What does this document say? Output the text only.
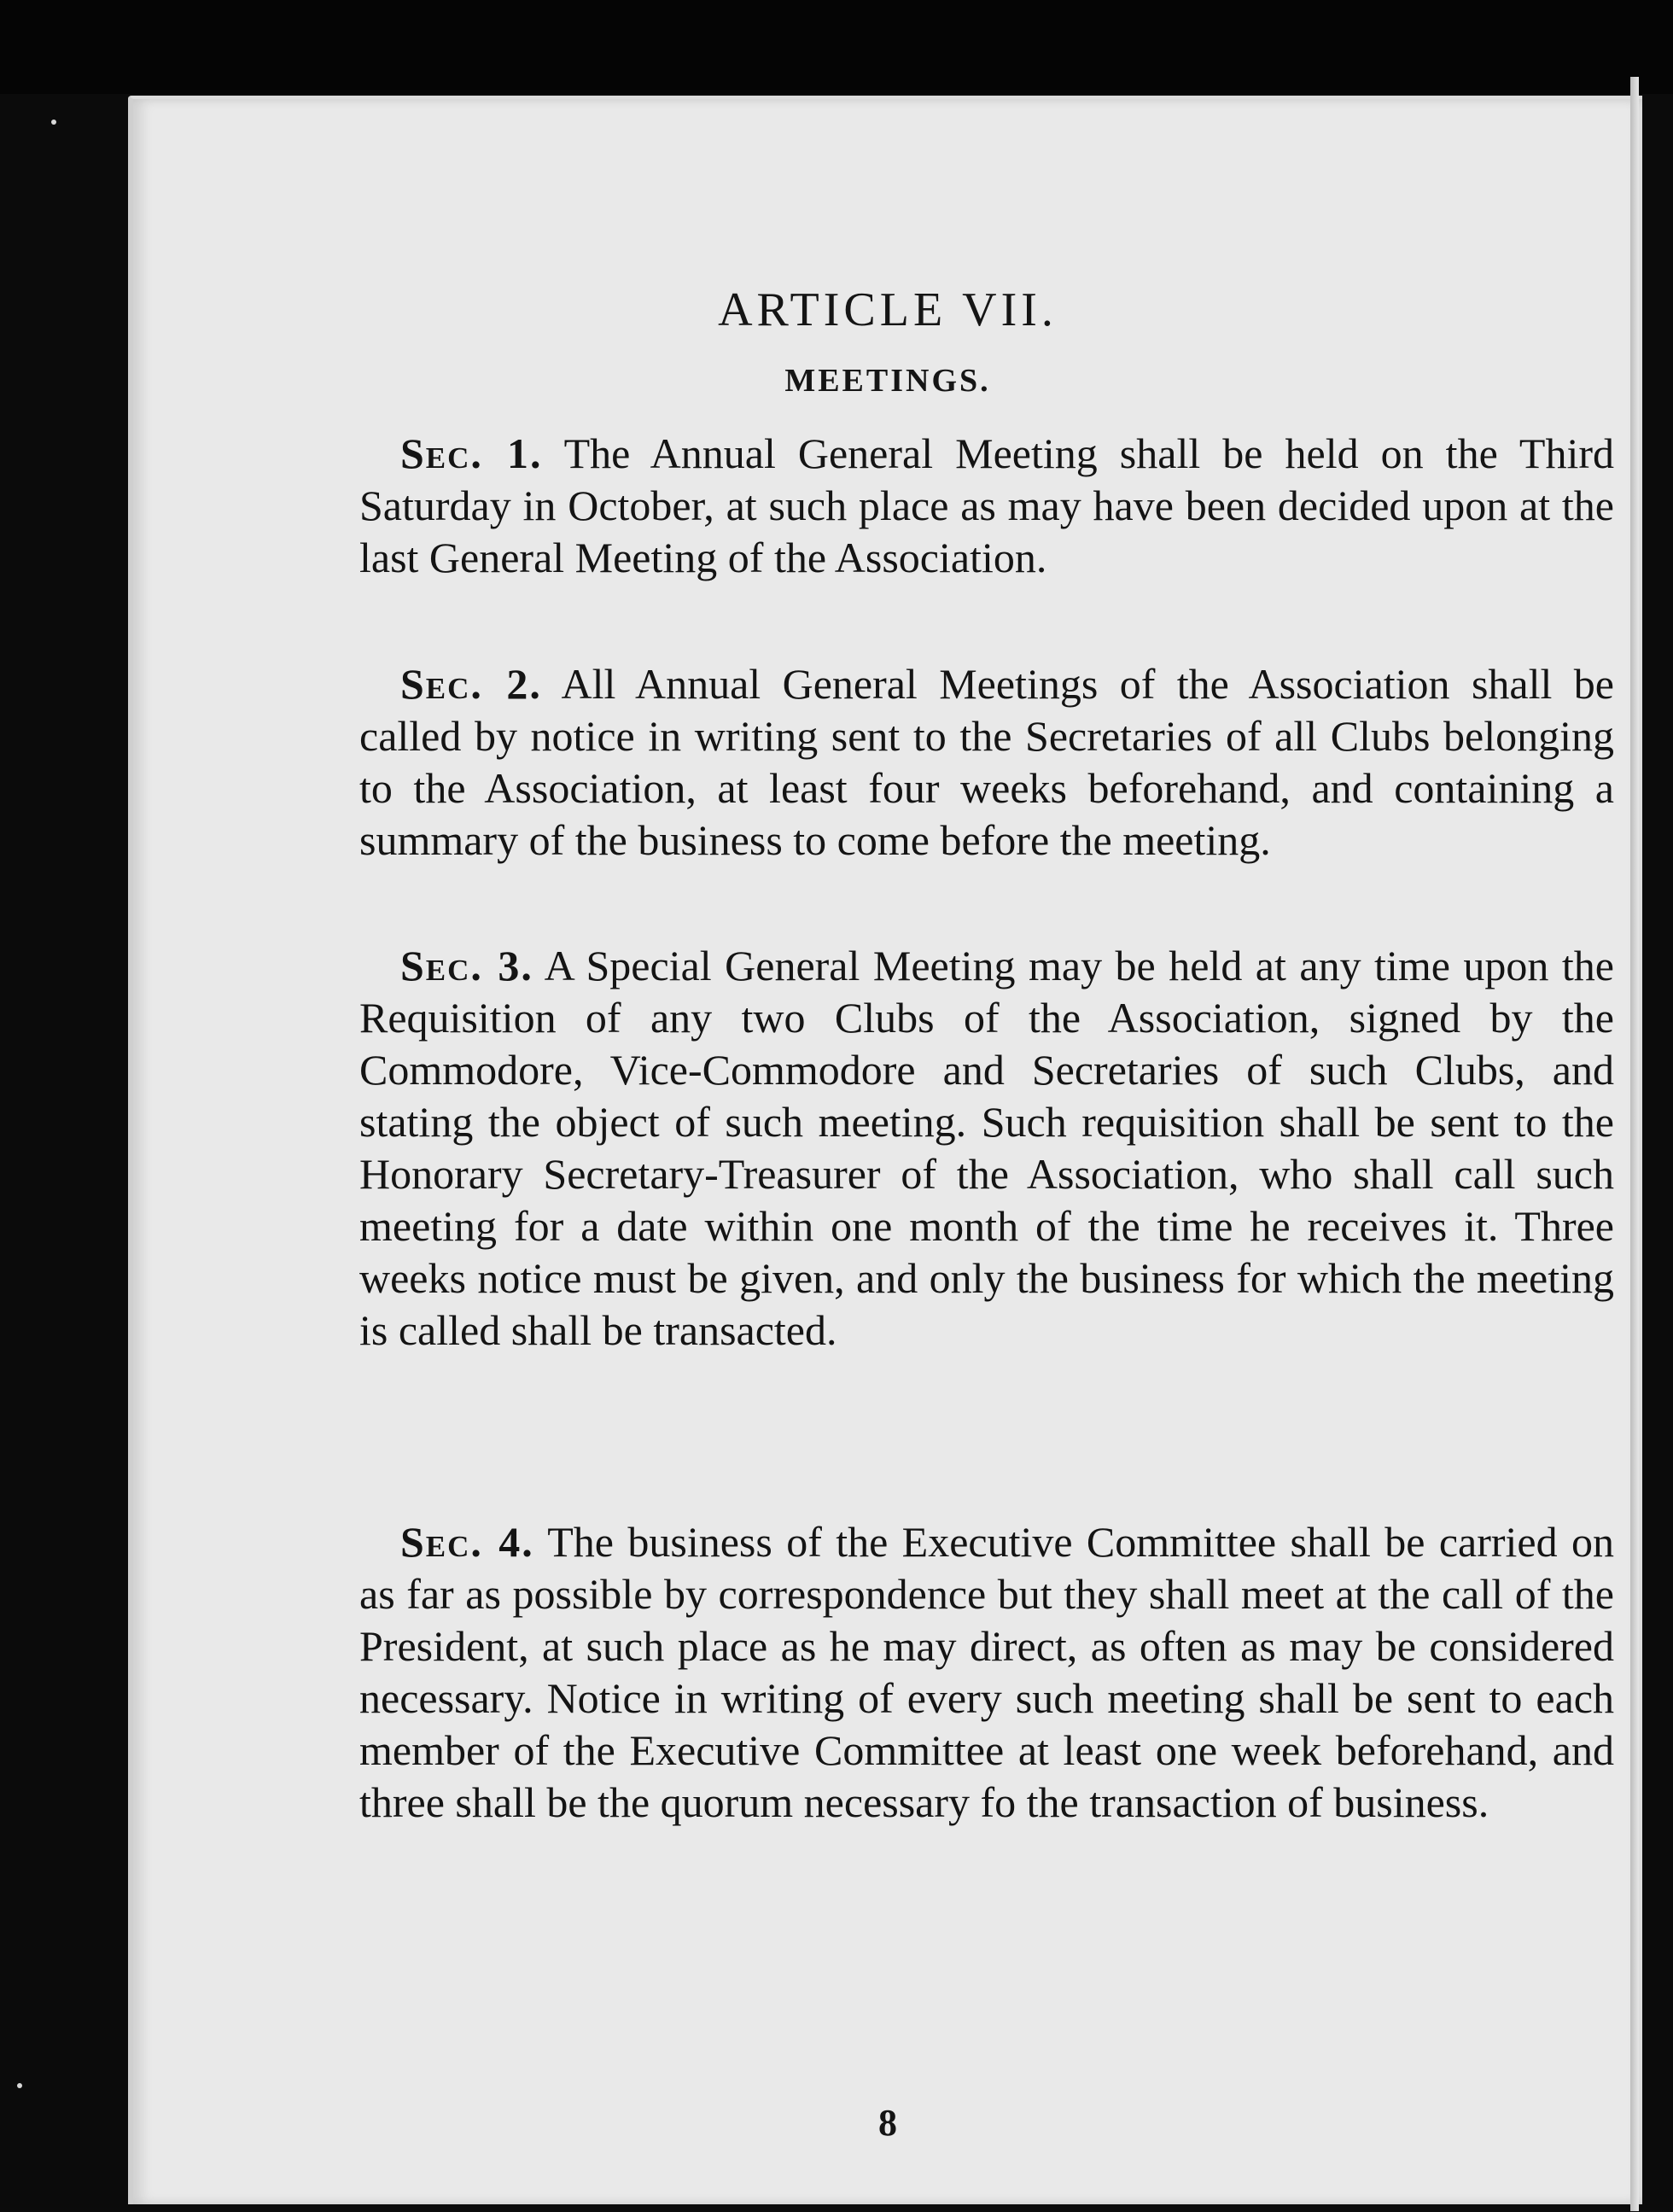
ARTICLE VII.
MEETINGS.

Sec. 1. The Annual General Meeting shall be held on the Third Saturday in October, at such place as may have been decided upon at the last General Meeting of the Association.

Sec. 2. All Annual General Meetings of the Association shall be called by notice in writing sent to the Secretaries of all Clubs belonging to the Association, at least four weeks beforehand, and containing a summary of the business to come before the meeting.

Sec. 3. A Special General Meeting may be held at any time upon the Requisition of any two Clubs of the Association, signed by the Commodore, Vice-Commodore and Secretaries of such Clubs, and stating the object of such meeting. Such requisition shall be sent to the Honorary Secretary-Treasurer of the Association, who shall call such meeting for a date within one month of the time he receives it. Three weeks notice must be given, and only the business for which the meeting is called shall be transacted.

Sec. 4. The business of the Executive Committee shall be carried on as far as possible by correspondence but they shall meet at the call of the President, at such place as he may direct, as often as may be considered necessary. Notice in writing of every such meeting shall be sent to each member of the Executive Committee at least one week beforehand, and three shall be the quorum necessary fo the transaction of business.

8
